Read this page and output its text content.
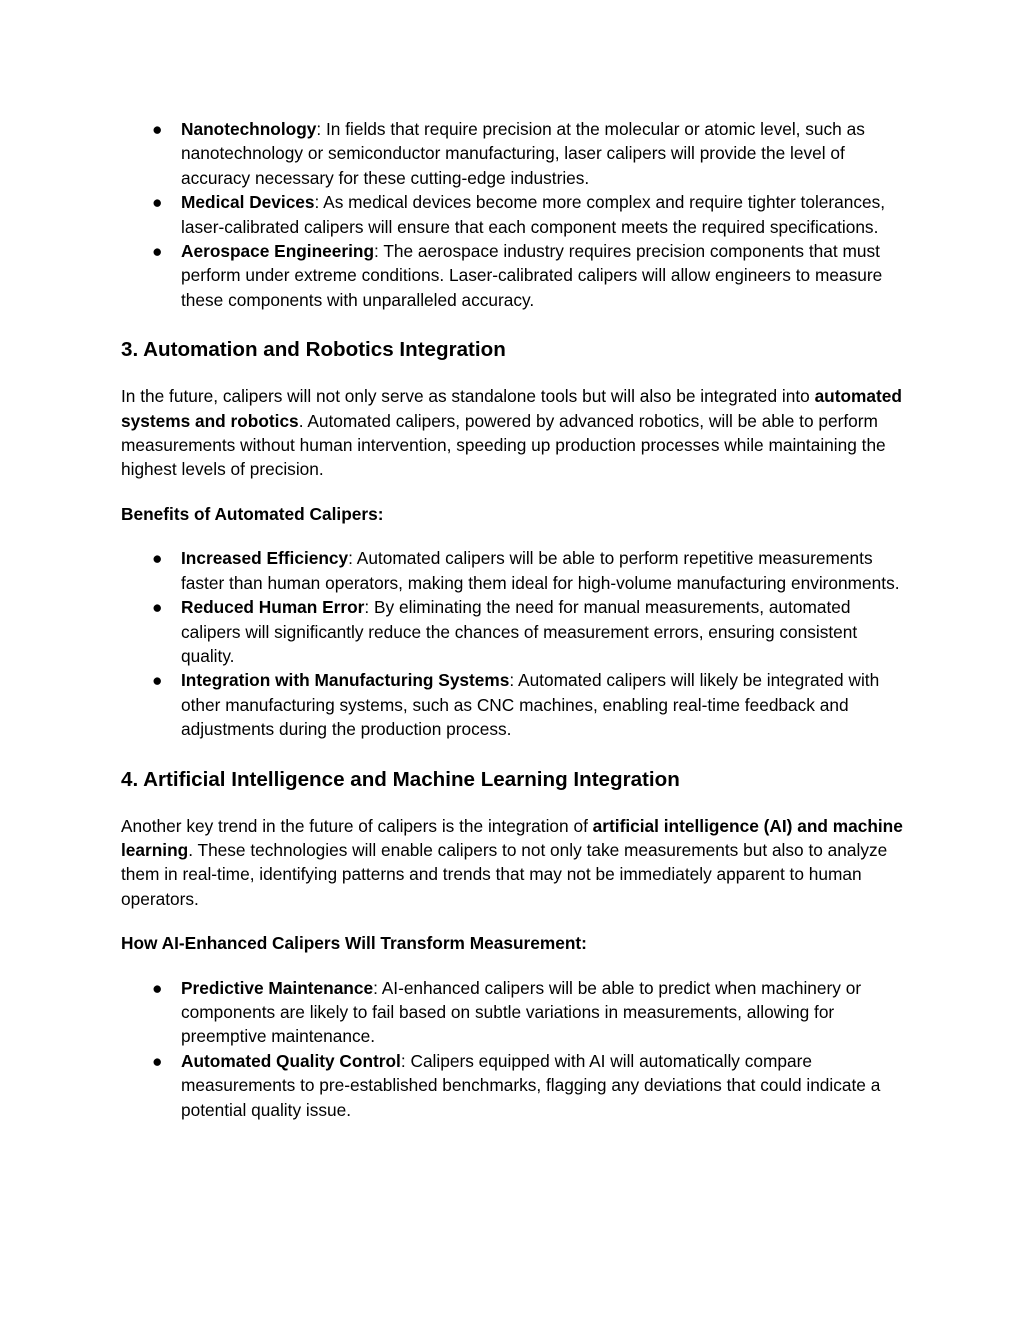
● Nanotechnology: In fields that require precision at the molecular or atomic level, such as nanotechnology or semiconductor manufacturing, laser calipers will provide the level of accuracy necessary for these cutting-edge industries.
● Medical Devices: As medical devices become more complex and require tighter tolerances, laser-calibrated calipers will ensure that each component meets the required specifications.
● Aerospace Engineering: The aerospace industry requires precision components that must perform under extreme conditions. Laser-calibrated calipers will allow engineers to measure these components with unparalleled accuracy.
3. Automation and Robotics Integration

In the future, calipers will not only serve as standalone tools but will also be integrated into automated systems and robotics. Automated calipers, powered by advanced robotics, will be able to perform measurements without human intervention, speeding up production processes while maintaining the highest levels of precision.

Benefits of Automated Calipers:

● Increased Efficiency: Automated calipers will be able to perform repetitive measurements faster than human operators, making them ideal for high-volume manufacturing environments.
● Reduced Human Error: By eliminating the need for manual measurements, automated calipers will significantly reduce the chances of measurement errors, ensuring consistent quality.
● Integration with Manufacturing Systems: Automated calipers will likely be integrated with other manufacturing systems, such as CNC machines, enabling real-time feedback and adjustments during the production process.
4. Artificial Intelligence and Machine Learning Integration

Another key trend in the future of calipers is the integration of artificial intelligence (AI) and machine learning. These technologies will enable calipers to not only take measurements but also to analyze them in real-time, identifying patterns and trends that may not be immediately apparent to human operators.

How AI-Enhanced Calipers Will Transform Measurement:

● Predictive Maintenance: AI-enhanced calipers will be able to predict when machinery or components are likely to fail based on subtle variations in measurements, allowing for preemptive maintenance.
● Automated Quality Control: Calipers equipped with AI will automatically compare measurements to pre-established benchmarks, flagging any deviations that could indicate a potential quality issue.
